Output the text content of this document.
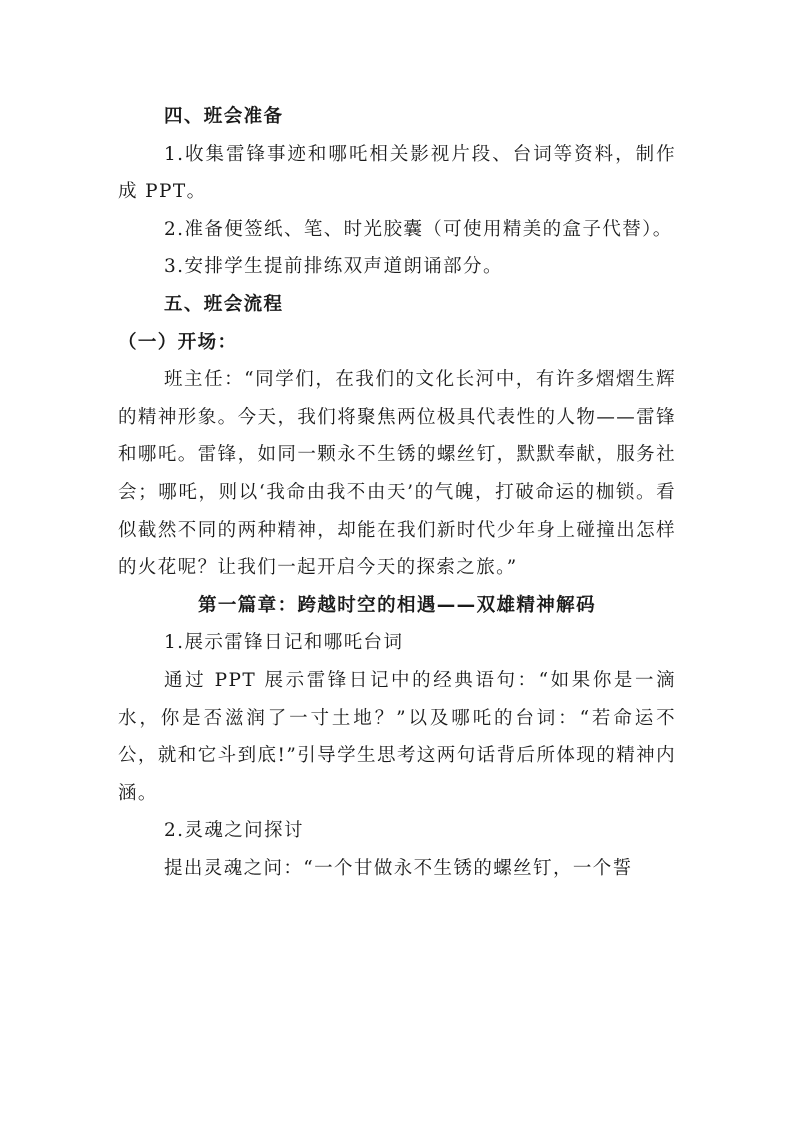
四、班会准备

1.收集雷锋事迹和哪吒相关影视片段、台词等资料，制作成 PPT。

2.准备便签纸、笔、时光胶囊（可使用精美的盒子代替）。

3.安排学生提前排练双声道朗诵部分。

五、班会流程

（一）开场：

班主任：“同学们，在我们的文化长河中，有许多熠熠生辉的精神形象。今天，我们将聚焦两位极具代表性的人物——雷锋和哪吒。雷锋，如同一颗永不生锈的螺丝钉，默默奉献，服务社会；哪吒，则以‘我命由我不由天’的气魄，打破命运的枷锁。看似截然不同的两种精神，却能在我们新时代少年身上碰撞出怎样的火花呢？让我们一起开启今天的探索之旅。”

第一篇章：跨越时空的相遇——双雄精神解码

1.展示雷锋日记和哪吒台词

通过 PPT 展示雷锋日记中的经典语句：“如果你是一滴水，你是否滋润了一寸土地？”以及哪吒的台词：“若命运不公，就和它斗到底!”引导学生思考这两句话背后所体现的精神内涵。

2.灵魂之问探讨

提出灵魂之问：“一个甘做永不生锈的螺丝钉，一个誓
